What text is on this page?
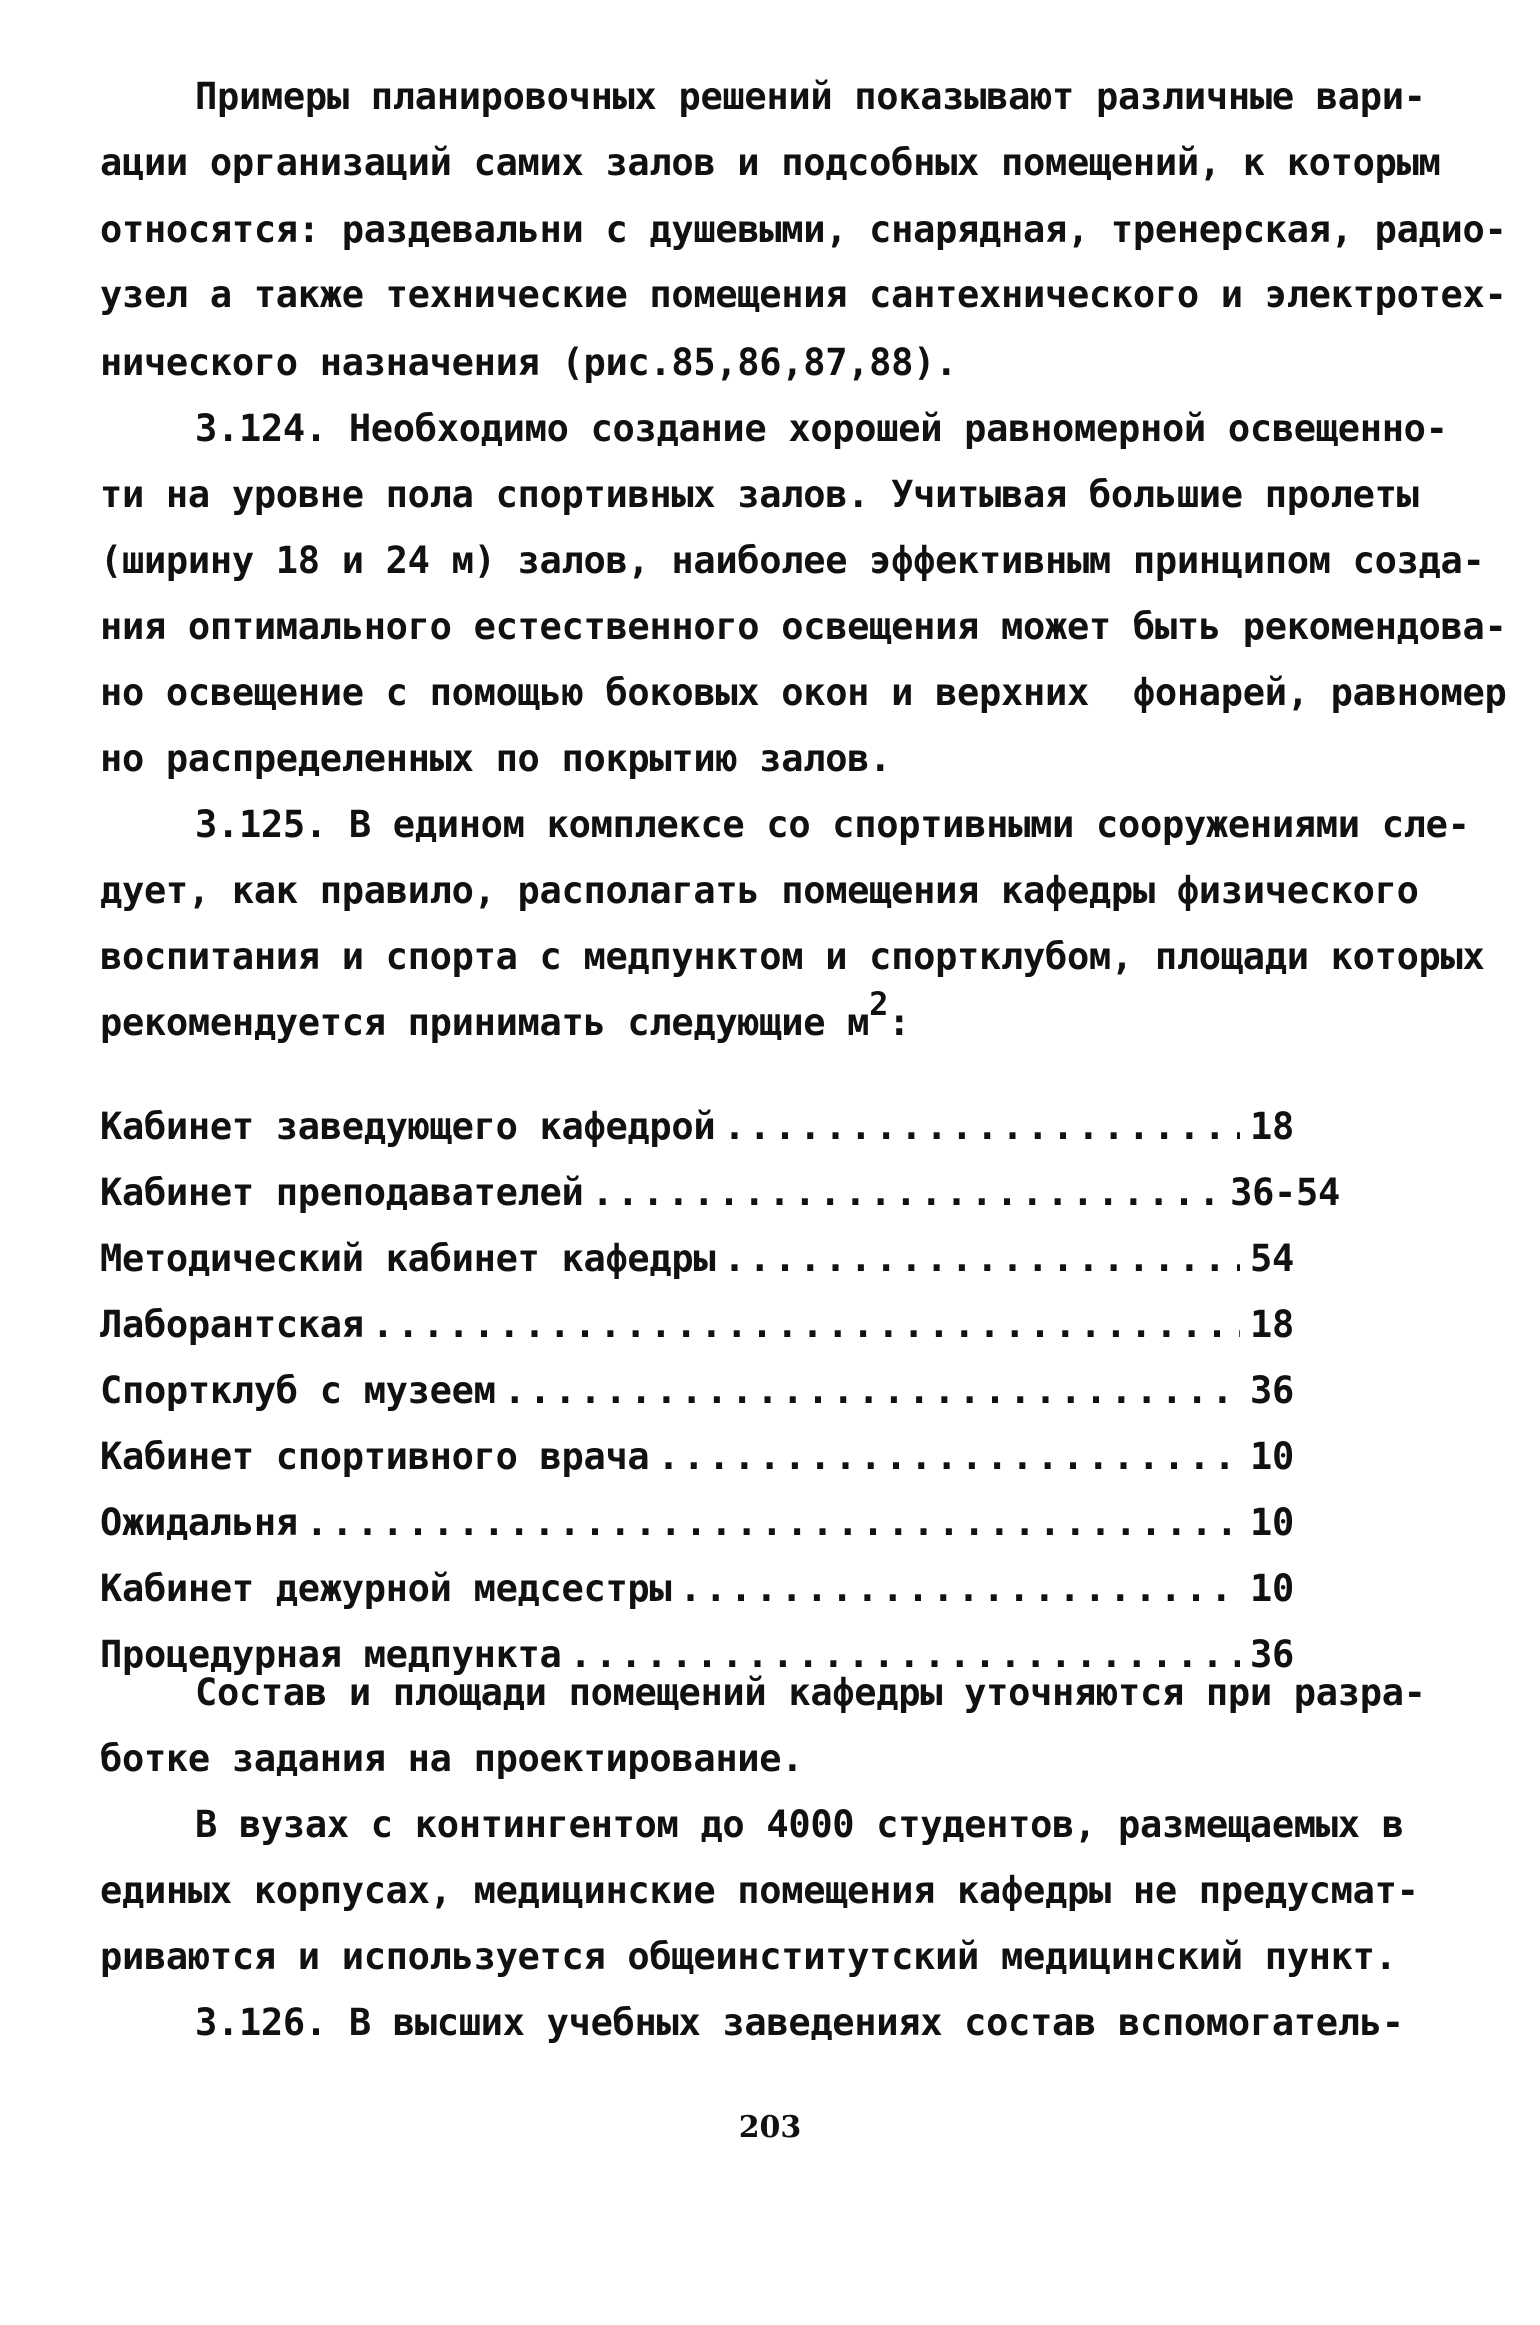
Примеры планировочных решений показывают различные вари-
ации организаций самих залов и подсобных помещений, к которым
относятся: раздевальни с душевыми, снарядная, тренерская, радио-
узел а также технические помещения сантехнического и электротех-
нического назначения (рис.85,86,87,88).
3.124. Необходимо создание хорошей равномерной освещенно-
ти на уровне пола спортивных залов. Учитывая большие пролеты
(ширину 18 и 24 м) залов, наиболее эффективным принципом созда-
ния оптимального естественного освещения может быть рекомендова-
но освещение с помощью боковых окон и верхних  фонарей, равномер
но распределенных по покрытию залов.
3.125. В едином комплексе со спортивными сооружениями сле-
дует, как правило, располагать помещения кафедры физического
воспитания и спорта с медпунктом и спортклубом, площади которых
рекомендуется принимать следующие м2:
Кабинет заведующего кафедрой .....	18
Кабинет преподавателей .....	36-54
Методический кабинет кафедры .....	54
Лаборантская .....	18
Спортклуб с музеем .....	36
Кабинет спортивного врача .....	10
Ожидальня .....	10
Кабинет дежурной медсестры .....	10
Процедурная медпункта .....	36
Состав и площади помещений кафедры уточняются при разра-
ботке задания на проектирование.
В вузах с контингентом до 4000 студентов, размещаемых в
единых корпусах, медицинские помещения кафедры не предусмат-
риваются и используется общеинститутский медицинский пункт.
3.126. В высших учебных заведениях состав вспомогатель-
203
